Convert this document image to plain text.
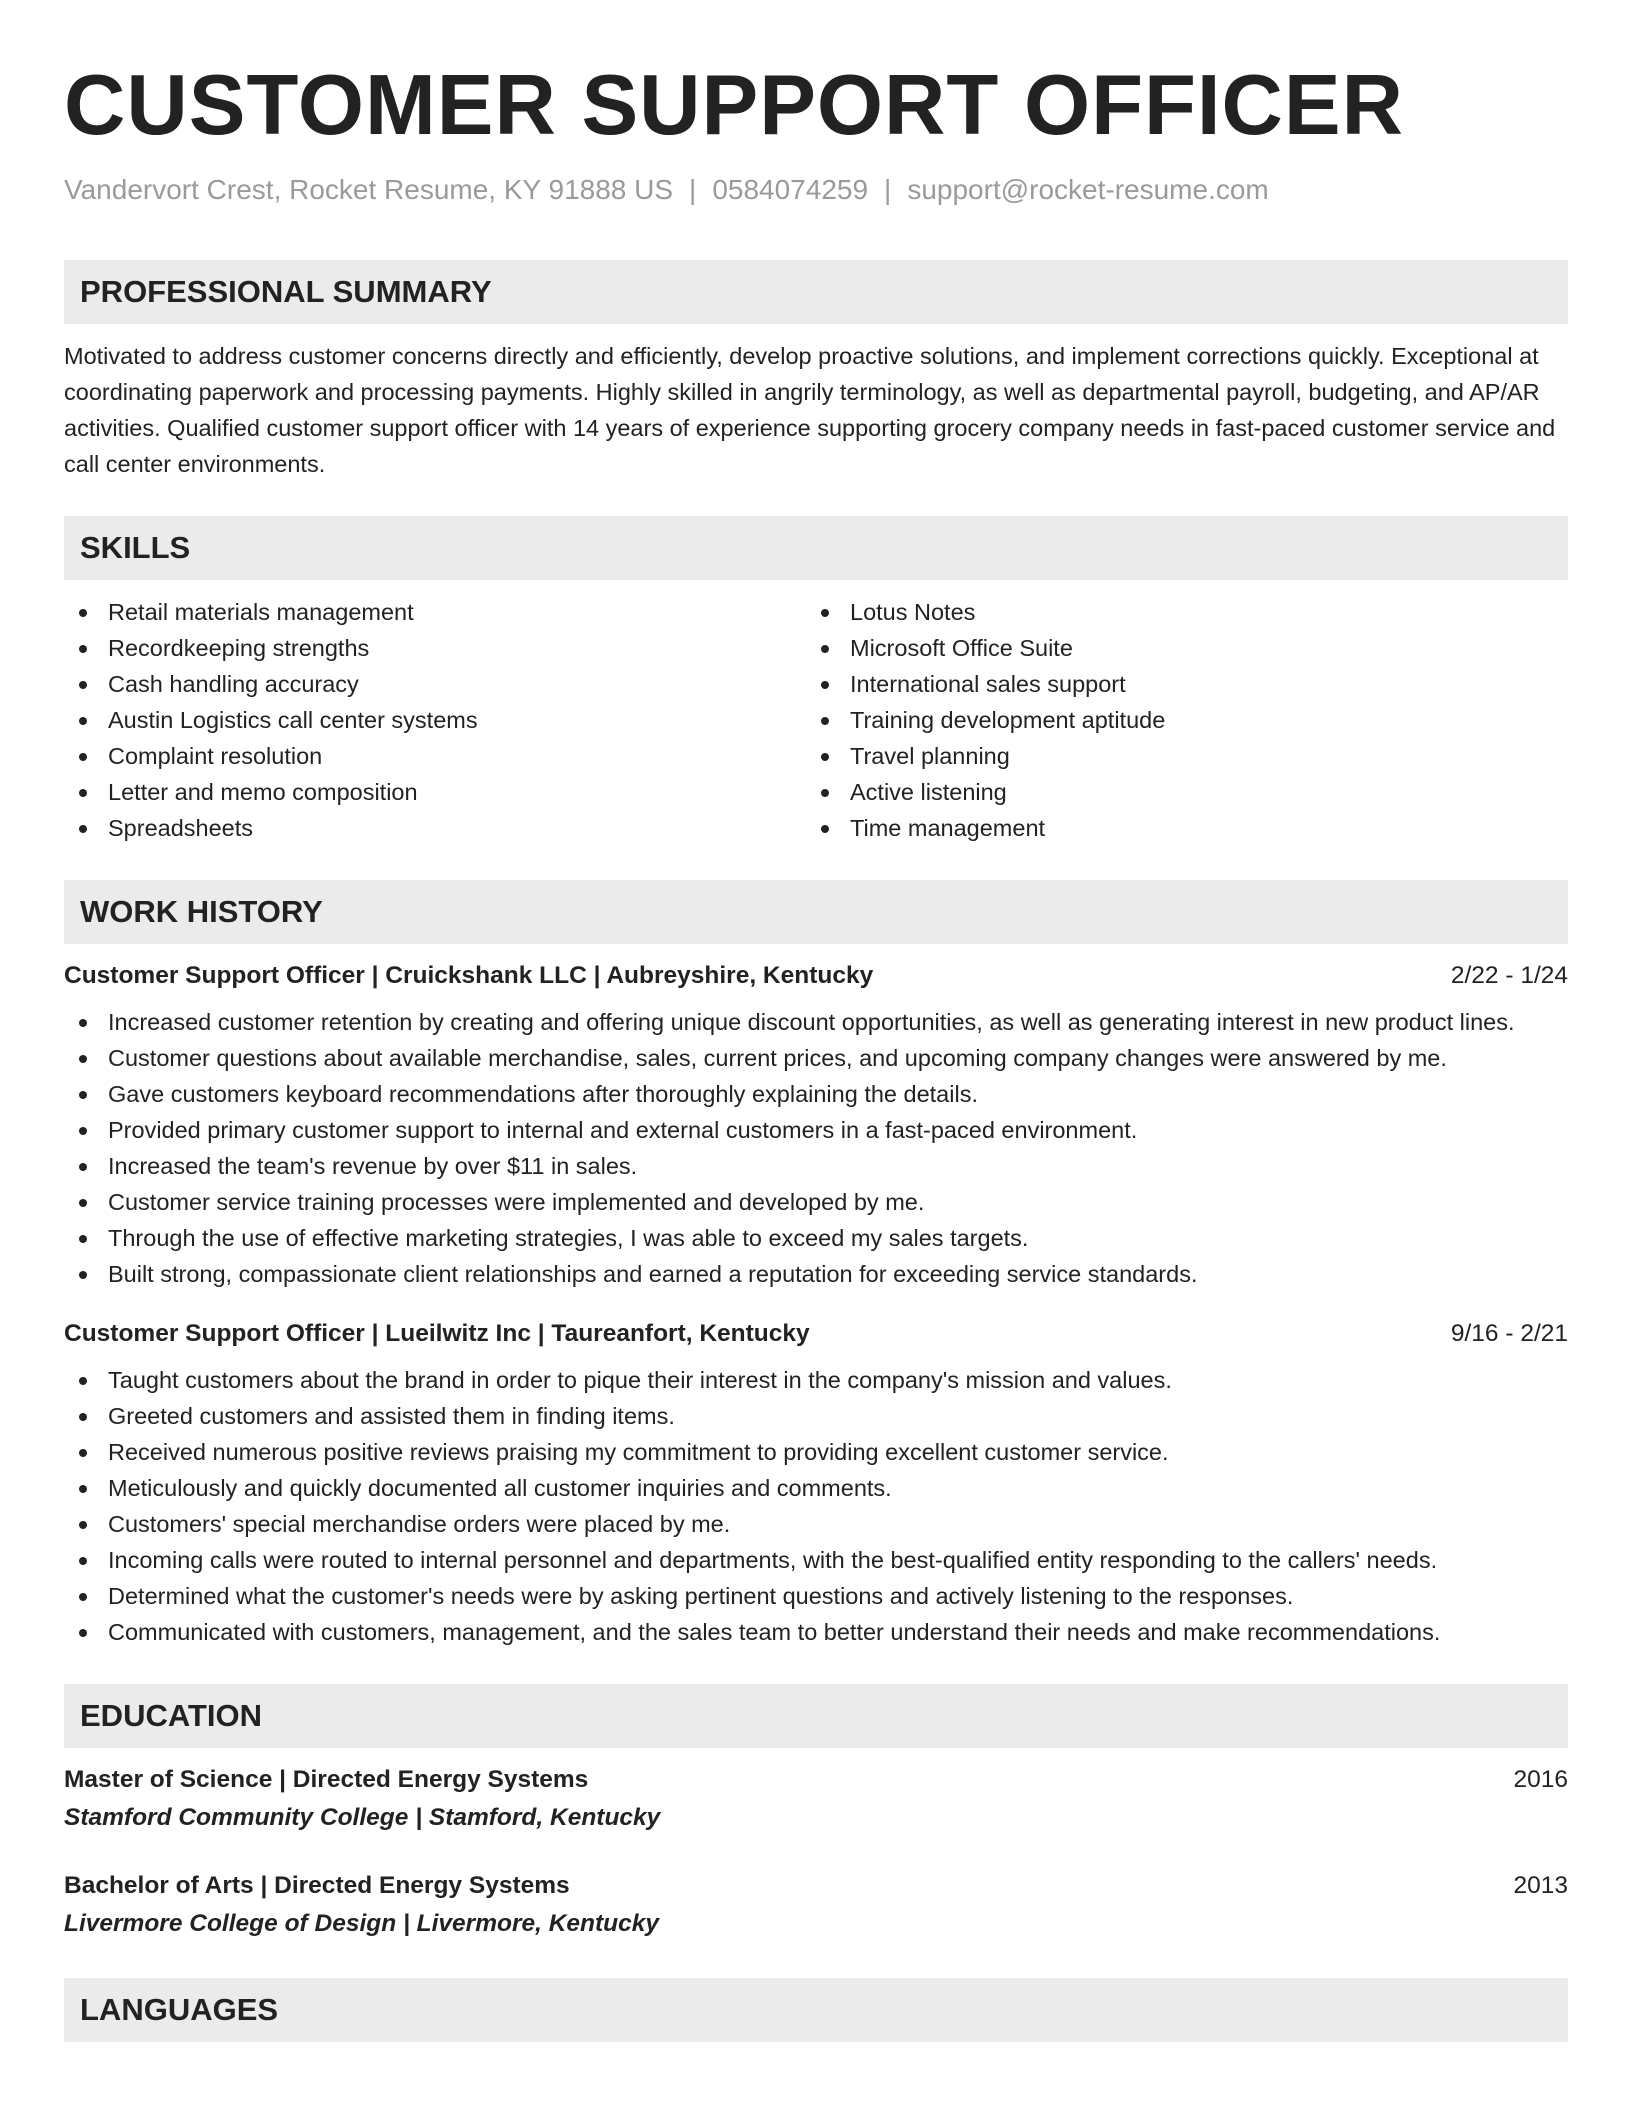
CUSTOMER SUPPORT OFFICER
Vandervort Crest, Rocket Resume, KY 91888 US | 0584074259 | support@rocket-resume.com
PROFESSIONAL SUMMARY
Motivated to address customer concerns directly and efficiently, develop proactive solutions, and implement corrections quickly. Exceptional at coordinating paperwork and processing payments. Highly skilled in angrily terminology, as well as departmental payroll, budgeting, and AP/AR activities. Qualified customer support officer with 14 years of experience supporting grocery company needs in fast-paced customer service and call center environments.
SKILLS
Retail materials management
Recordkeeping strengths
Cash handling accuracy
Austin Logistics call center systems
Complaint resolution
Letter and memo composition
Spreadsheets
Lotus Notes
Microsoft Office Suite
International sales support
Training development aptitude
Travel planning
Active listening
Time management
WORK HISTORY
Customer Support Officer | Cruickshank LLC | Aubreyshire, Kentucky	2/22 - 1/24
Increased customer retention by creating and offering unique discount opportunities, as well as generating interest in new product lines.
Customer questions about available merchandise, sales, current prices, and upcoming company changes were answered by me.
Gave customers keyboard recommendations after thoroughly explaining the details.
Provided primary customer support to internal and external customers in a fast-paced environment.
Increased the team's revenue by over $11 in sales.
Customer service training processes were implemented and developed by me.
Through the use of effective marketing strategies, I was able to exceed my sales targets.
Built strong, compassionate client relationships and earned a reputation for exceeding service standards.
Customer Support Officer | Lueilwitz Inc | Taureanfort, Kentucky	9/16 - 2/21
Taught customers about the brand in order to pique their interest in the company's mission and values.
Greeted customers and assisted them in finding items.
Received numerous positive reviews praising my commitment to providing excellent customer service.
Meticulously and quickly documented all customer inquiries and comments.
Customers' special merchandise orders were placed by me.
Incoming calls were routed to internal personnel and departments, with the best-qualified entity responding to the callers' needs.
Determined what the customer's needs were by asking pertinent questions and actively listening to the responses.
Communicated with customers, management, and the sales team to better understand their needs and make recommendations.
EDUCATION
Master of Science | Directed Energy Systems	2016
Stamford Community College | Stamford, Kentucky
Bachelor of Arts | Directed Energy Systems	2013
Livermore College of Design | Livermore, Kentucky
LANGUAGES
